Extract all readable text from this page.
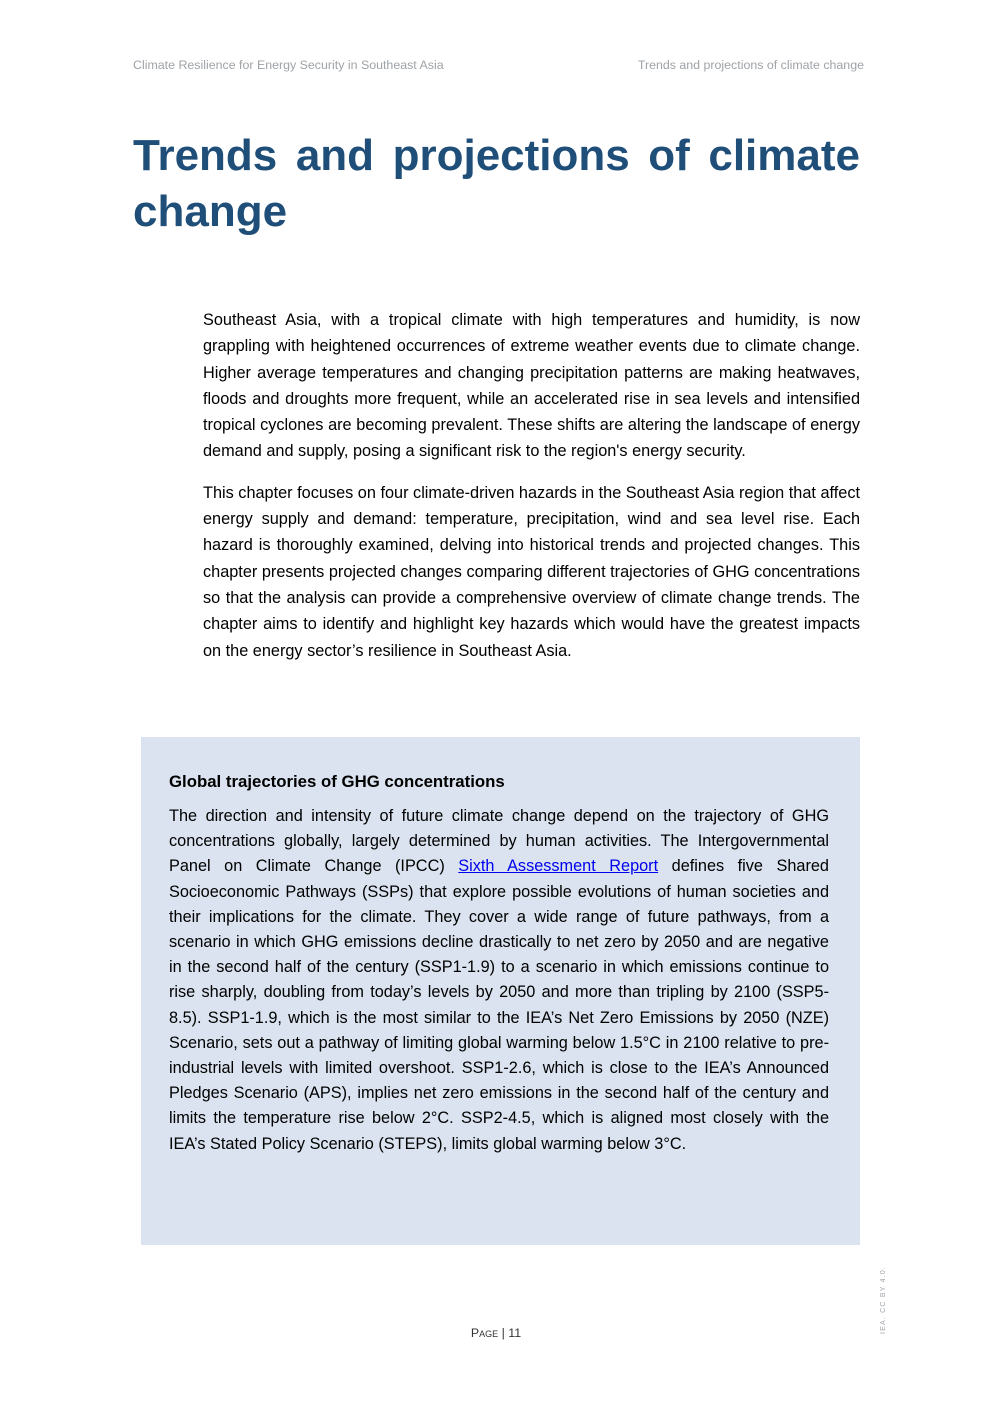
Climate Resilience for Energy Security in Southeast Asia	Trends and projections of climate change
Trends and projections of climate change

Southeast Asia, with a tropical climate with high temperatures and humidity, is now grappling with heightened occurrences of extreme weather events due to climate change. Higher average temperatures and changing precipitation patterns are making heatwaves, floods and droughts more frequent, while an accelerated rise in sea levels and intensified tropical cyclones are becoming prevalent. These shifts are altering the landscape of energy demand and supply, posing a significant risk to the region's energy security.

This chapter focuses on four climate-driven hazards in the Southeast Asia region that affect energy supply and demand: temperature, precipitation, wind and sea level rise. Each hazard is thoroughly examined, delving into historical trends and projected changes. This chapter presents projected changes comparing different trajectories of GHG concentrations so that the analysis can provide a comprehensive overview of climate change trends. The chapter aims to identify and highlight key hazards which would have the greatest impacts on the energy sector’s resilience in Southeast Asia.

Global trajectories of GHG concentrations

The direction and intensity of future climate change depend on the trajectory of GHG concentrations globally, largely determined by human activities. The Intergovernmental Panel on Climate Change (IPCC) Sixth Assessment Report defines five Shared Socioeconomic Pathways (SSPs) that explore possible evolutions of human societies and their implications for the climate. They cover a wide range of future pathways, from a scenario in which GHG emissions decline drastically to net zero by 2050 and are negative in the second half of the century (SSP1-1.9) to a scenario in which emissions continue to rise sharply, doubling from today’s levels by 2050 and more than tripling by 2100 (SSP5-8.5). SSP1-1.9, which is the most similar to the IEA’s Net Zero Emissions by 2050 (NZE) Scenario, sets out a pathway of limiting global warming below 1.5°C in 2100 relative to pre-industrial levels with limited overshoot. SSP1-2.6, which is close to the IEA’s Announced Pledges Scenario (APS), implies net zero emissions in the second half of the century and limits the temperature rise below 2°C. SSP2-4.5, which is aligned most closely with the IEA’s Stated Policy Scenario (STEPS), limits global warming below 3°C.

IEA. CC BY 4.0.
Page | 11
